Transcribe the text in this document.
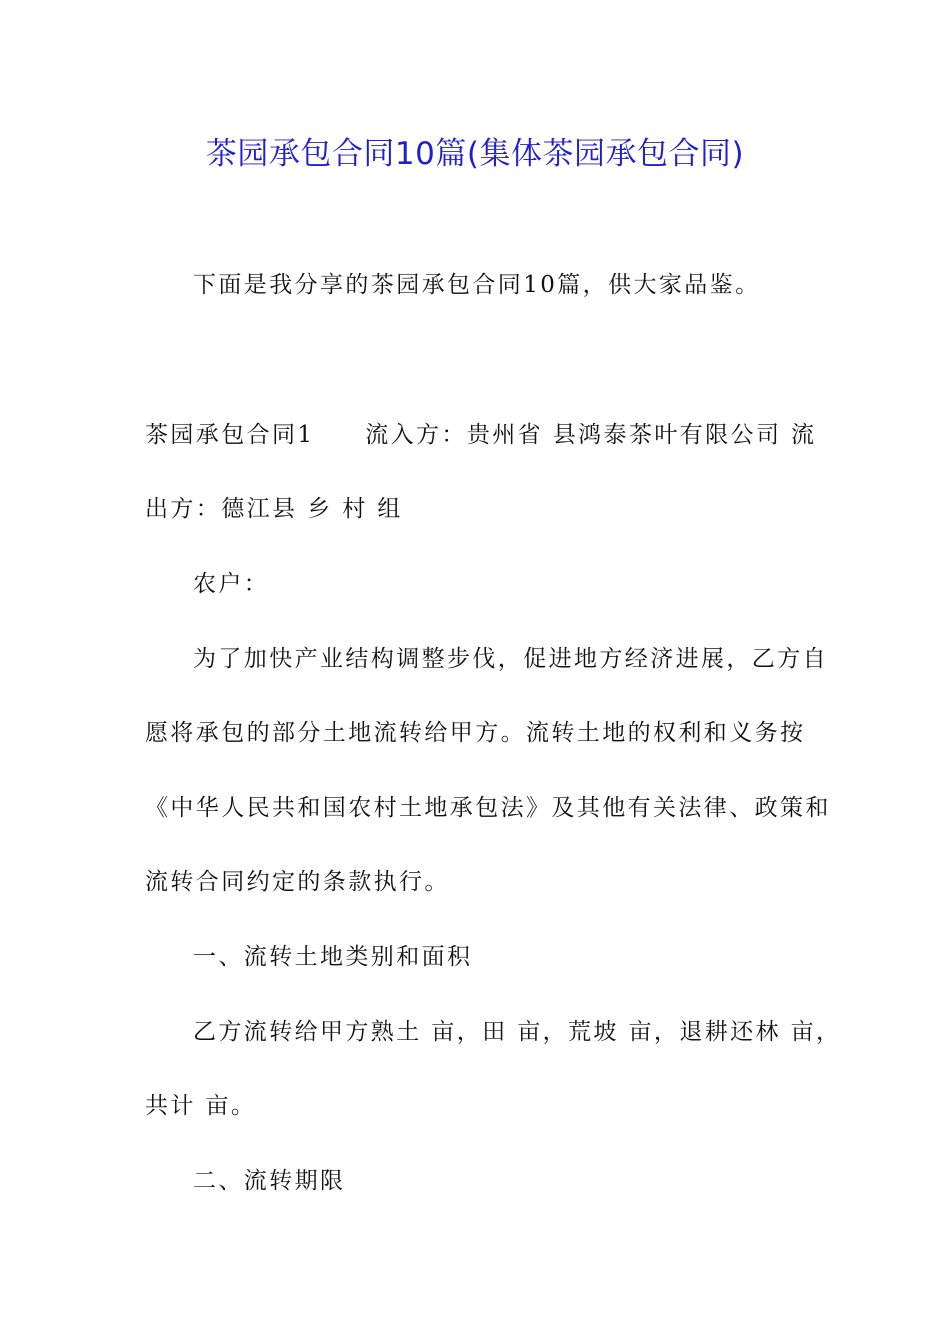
茶园承包合同10篇(集体茶园承包合同)
下面是我分享的茶园承包合同10篇，供大家品鉴。
茶园承包合同1　　流入方：贵州省 县鸿泰茶叶有限公司 流
出方：德江县 乡 村 组
农户：
为了加快产业结构调整步伐，促进地方经济进展，乙方自
愿将承包的部分土地流转给甲方。流转土地的权利和义务按
《中华人民共和国农村土地承包法》及其他有关法律、政策和
流转合同约定的条款执行。
一、流转土地类别和面积
乙方流转给甲方熟土 亩，田 亩，荒坡 亩，退耕还林 亩，
共计 亩。
二、流转期限
